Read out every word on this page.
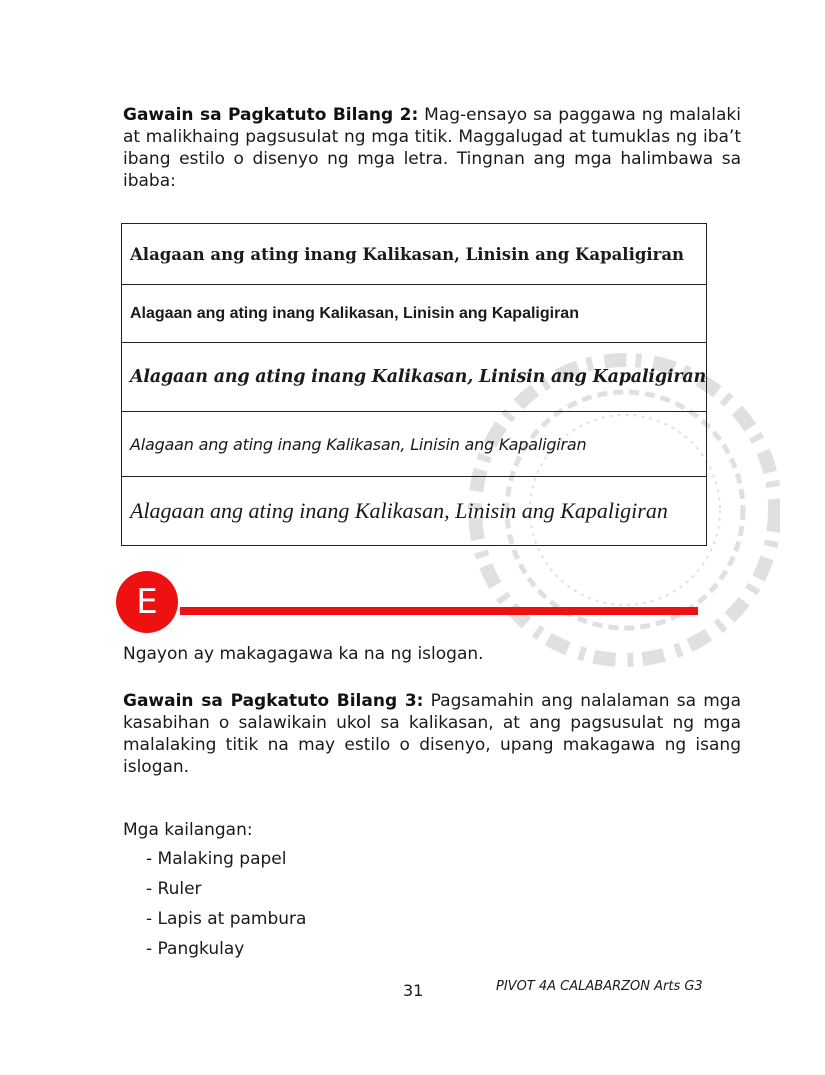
Gawain sa Pagkatuto Bilang 2: Mag-ensayo sa paggawa ng malalaki at malikhaing pagsusulat ng mga titik. Maggalugad at tumuklas ng iba’t ibang estilo o disenyo ng mga letra. Tingnan ang mga halimbawa sa ibaba:
Alagaan ang ating inang Kalikasan, Linisin ang Kapaligiran
Alagaan ang ating inang Kalikasan, Linisin ang Kapaligiran
Alagaan ang ating inang Kalikasan, Linisin ang Kapaligiran
Alagaan ang ating inang Kalikasan, Linisin ang Kapaligiran
Alagaan ang ating inang Kalikasan, Linisin ang Kapaligiran
E
Ngayon ay makagagawa ka na ng islogan.
Gawain sa Pagkatuto Bilang 3: Pagsamahin ang nalalaman sa mga kasabihan o salawikain ukol sa kalikasan, at ang pagsusulat ng mga malalaking titik na may estilo o disenyo, upang makagawa ng isang islogan.
Mga kailangan:
- Malaking papel
- Ruler
- Lapis at pambura
- Pangkulay
31	PIVOT 4A CALABARZON Arts G3
